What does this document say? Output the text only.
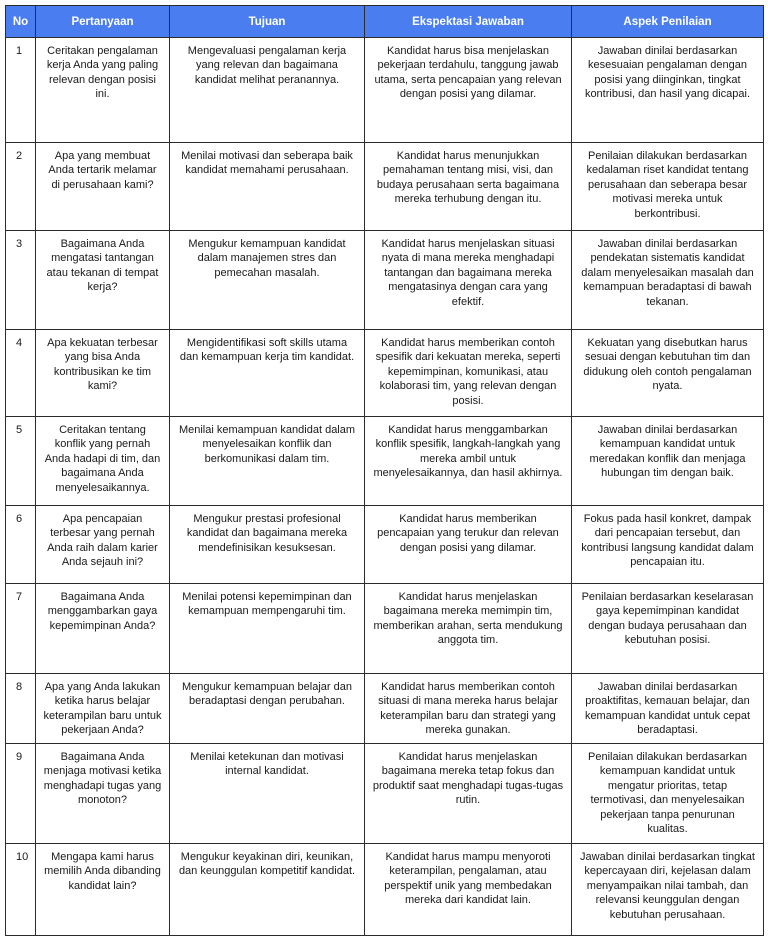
No	Pertanyaan	Tujuan	Ekspektasi Jawaban	Aspek Penilaian
1	Ceritakan pengalaman kerja Anda yang paling relevan dengan posisi ini.	Mengevaluasi pengalaman kerja yang relevan dan bagaimana kandidat melihat peranannya.	Kandidat harus bisa menjelaskan pekerjaan terdahulu, tanggung jawab utama, serta pencapaian yang relevan dengan posisi yang dilamar.	Jawaban dinilai berdasarkan kesesuaian pengalaman dengan posisi yang diinginkan, tingkat kontribusi, dan hasil yang dicapai.
2	Apa yang membuat Anda tertarik melamar di perusahaan kami?	Menilai motivasi dan seberapa baik kandidat memahami perusahaan.	Kandidat harus menunjukkan pemahaman tentang misi, visi, dan budaya perusahaan serta bagaimana mereka terhubung dengan itu.	Penilaian dilakukan berdasarkan kedalaman riset kandidat tentang perusahaan dan seberapa besar motivasi mereka untuk berkontribusi.
3	Bagaimana Anda mengatasi tantangan atau tekanan di tempat kerja?	Mengukur kemampuan kandidat dalam manajemen stres dan pemecahan masalah.	Kandidat harus menjelaskan situasi nyata di mana mereka menghadapi tantangan dan bagaimana mereka mengatasinya dengan cara yang efektif.	Jawaban dinilai berdasarkan pendekatan sistematis kandidat dalam menyelesaikan masalah dan kemampuan beradaptasi di bawah tekanan.
4	Apa kekuatan terbesar yang bisa Anda kontribusikan ke tim kami?	Mengidentifikasi soft skills utama dan kemampuan kerja tim kandidat.	Kandidat harus memberikan contoh spesifik dari kekuatan mereka, seperti kepemimpinan, komunikasi, atau kolaborasi tim, yang relevan dengan posisi.	Kekuatan yang disebutkan harus sesuai dengan kebutuhan tim dan didukung oleh contoh pengalaman nyata.
5	Ceritakan tentang konflik yang pernah Anda hadapi di tim, dan bagaimana Anda menyelesaikannya.	Menilai kemampuan kandidat dalam menyelesaikan konflik dan berkomunikasi dalam tim.	Kandidat harus menggambarkan konflik spesifik, langkah-langkah yang mereka ambil untuk menyelesaikannya, dan hasil akhirnya.	Jawaban dinilai berdasarkan kemampuan kandidat untuk meredakan konflik dan menjaga hubungan tim dengan baik.
6	Apa pencapaian terbesar yang pernah Anda raih dalam karier Anda sejauh ini?	Mengukur prestasi profesional kandidat dan bagaimana mereka mendefinisikan kesuksesan.	Kandidat harus memberikan pencapaian yang terukur dan relevan dengan posisi yang dilamar.	Fokus pada hasil konkret, dampak dari pencapaian tersebut, dan kontribusi langsung kandidat dalam pencapaian itu.
7	Bagaimana Anda menggambarkan gaya kepemimpinan Anda?	Menilai potensi kepemimpinan dan kemampuan mempengaruhi tim.	Kandidat harus menjelaskan bagaimana mereka memimpin tim, memberikan arahan, serta mendukung anggota tim.	Penilaian berdasarkan keselarasan gaya kepemimpinan kandidat dengan budaya perusahaan dan kebutuhan posisi.
8	Apa yang Anda lakukan ketika harus belajar keterampilan baru untuk pekerjaan Anda?	Mengukur kemampuan belajar dan beradaptasi dengan perubahan.	Kandidat harus memberikan contoh situasi di mana mereka harus belajar keterampilan baru dan strategi yang mereka gunakan.	Jawaban dinilai berdasarkan proaktifitas, kemauan belajar, dan kemampuan kandidat untuk cepat beradaptasi.
9	Bagaimana Anda menjaga motivasi ketika menghadapi tugas yang monoton?	Menilai ketekunan dan motivasi internal kandidat.	Kandidat harus menjelaskan bagaimana mereka tetap fokus dan produktif saat menghadapi tugas-tugas rutin.	Penilaian dilakukan berdasarkan kemampuan kandidat untuk mengatur prioritas, tetap termotivasi, dan menyelesaikan pekerjaan tanpa penurunan kualitas.
10	Mengapa kami harus memilih Anda dibanding kandidat lain?	Mengukur keyakinan diri, keunikan, dan keunggulan kompetitif kandidat.	Kandidat harus mampu menyoroti keterampilan, pengalaman, atau perspektif unik yang membedakan mereka dari kandidat lain.	Jawaban dinilai berdasarkan tingkat kepercayaan diri, kejelasan dalam menyampaikan nilai tambah, dan relevansi keunggulan dengan kebutuhan perusahaan.
